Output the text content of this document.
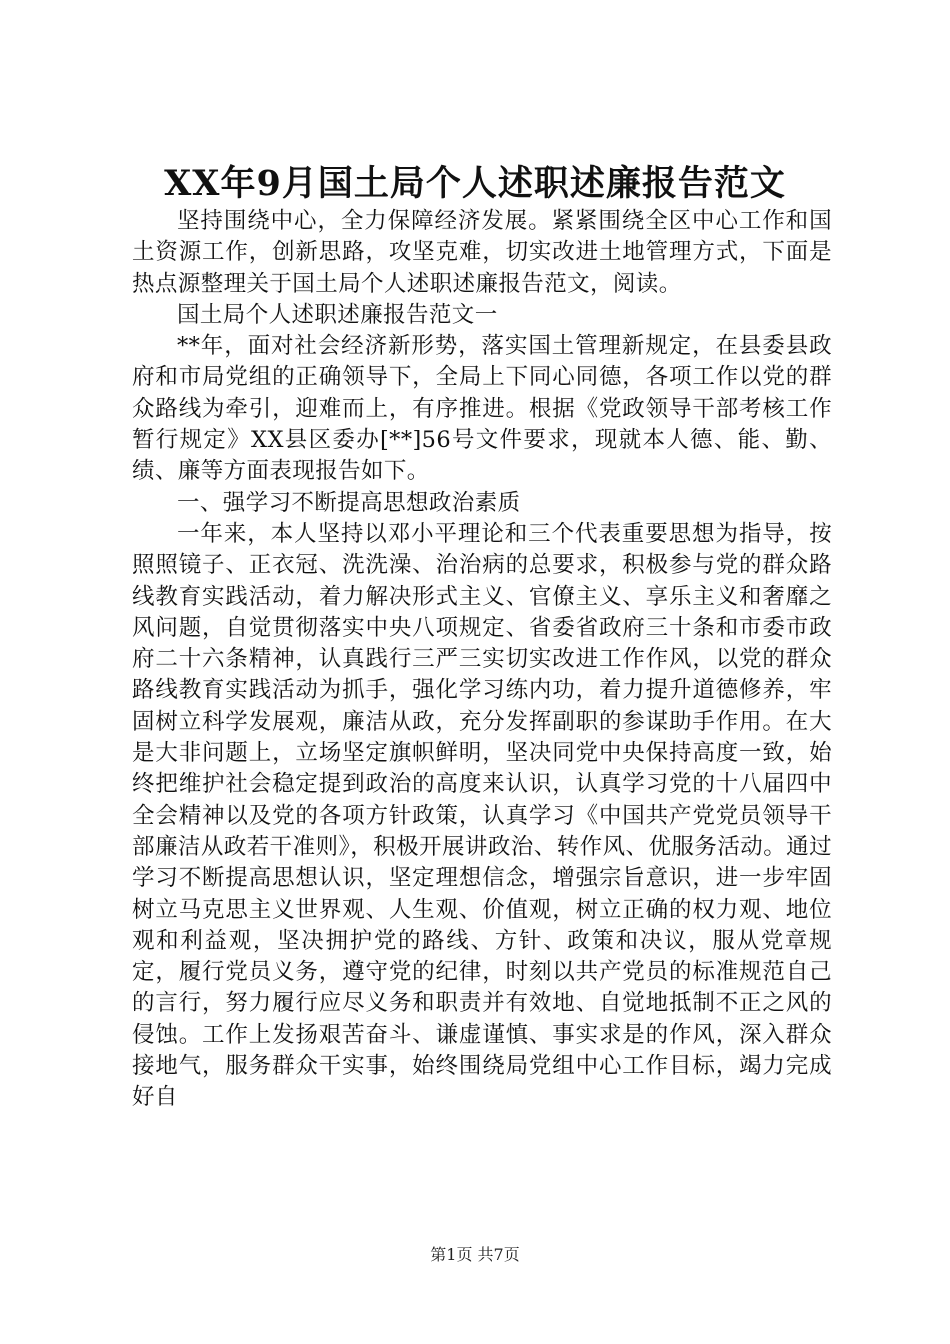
XX年9月国土局个人述职述廉报告范文

坚持围绕中心，全力保障经济发展。紧紧围绕全区中心工作和国土资源工作，创新思路，攻坚克难，切实改进土地管理方式，下面是热点源整理关于国土局个人述职述廉报告范文，阅读。

国土局个人述职述廉报告范文一

**年，面对社会经济新形势，落实国土管理新规定，在县委县政府和市局党组的正确领导下，全局上下同心同德，各项工作以党的群众路线为牵引，迎难而上，有序推进。根据《党政领导干部考核工作暂行规定》XX县区委办[**]56号文件要求，现就本人德、能、勤、绩、廉等方面表现报告如下。

一、强学习不断提高思想政治素质

一年来，本人坚持以邓小平理论和三个代表重要思想为指导，按照照镜子、正衣冠、洗洗澡、治治病的总要求，积极参与党的群众路线教育实践活动，着力解决形式主义、官僚主义、享乐主义和奢靡之风问题，自觉贯彻落实中央八项规定、省委省政府三十条和市委市政府二十六条精神，认真践行三严三实切实改进工作作风，以党的群众路线教育实践活动为抓手，强化学习练内功，着力提升道德修养，牢固树立科学发展观，廉洁从政，充分发挥副职的参谋助手作用。在大是大非问题上，立场坚定旗帜鲜明，坚决同党中央保持高度一致，始终把维护社会稳定提到政治的高度来认识，认真学习党的十八届四中全会精神以及党的各项方针政策，认真学习《中国共产党党员领导干部廉洁从政若干准则》，积极开展讲政治、转作风、优服务活动。通过学习不断提高思想认识，坚定理想信念，增强宗旨意识，进一步牢固树立马克思主义世界观、人生观、价值观，树立正确的权力观、地位观和利益观，坚决拥护党的路线、方针、政策和决议，服从党章规定，履行党员义务，遵守党的纪律，时刻以共产党员的标准规范自己的言行，努力履行应尽义务和职责并有效地、自觉地抵制不正之风的侵蚀。工作上发扬艰苦奋斗、谦虚谨慎、事实求是的作风，深入群众接地气，服务群众干实事，始终围绕局党组中心工作目标，竭力完成好自

第1页 共7页
